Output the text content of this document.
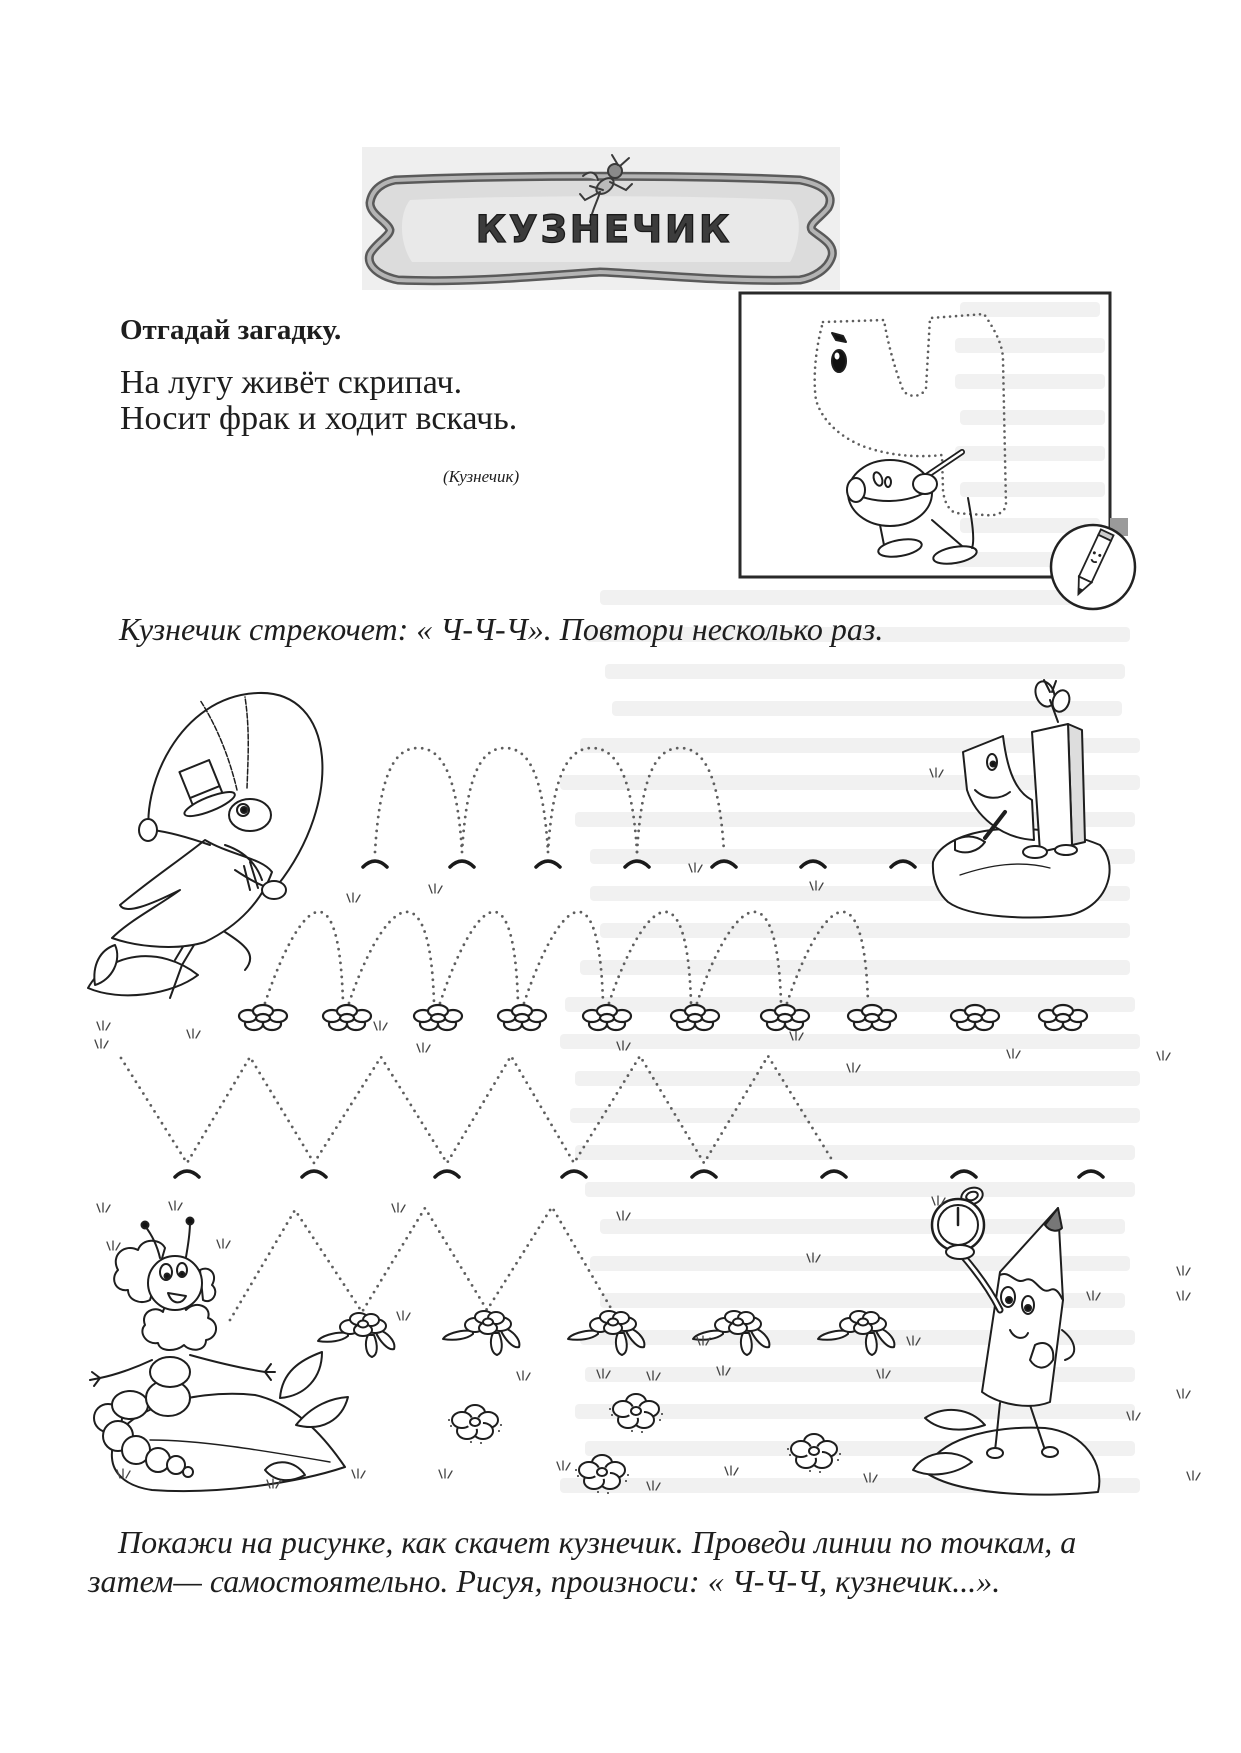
КУЗНЕЧИК
Отгадай загадку.
На лугу живёт скрипач.
Носит фрак и ходит вскачь.
(Кузнечик)
Кузнечик стрекочет: « Ч-Ч-Ч». Повтори несколько раз.
Покажи на рисунке, как скачет кузнечик. Проведи линии по точкам, а
затем— самостоятельно. Рисуя, произноси: « Ч-Ч-Ч, кузнечик...».
